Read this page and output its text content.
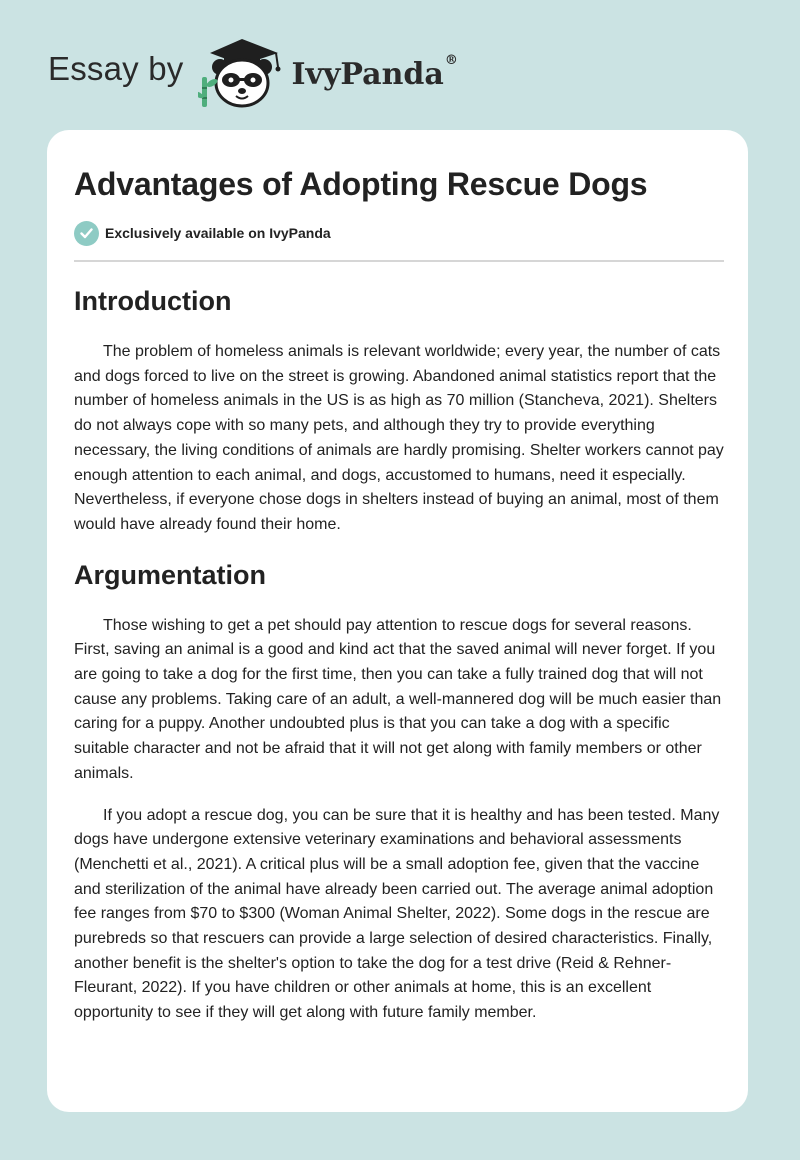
Essay by	IvyPanda®
Advantages of Adopting Rescue Dogs
Exclusively available on IvyPanda
Introduction

The problem of homeless animals is relevant worldwide; every year, the number of cats and dogs forced to live on the street is growing. Abandoned animal statistics report that the number of homeless animals in the US is as high as 70 million (Stancheva, 2021). Shelters do not always cope with so many pets, and although they try to provide everything necessary, the living conditions of animals are hardly promising. Shelter workers cannot pay enough attention to each animal, and dogs, accustomed to humans, need it especially. Nevertheless, if everyone chose dogs in shelters instead of buying an animal, most of them would have already found their home.

Argumentation

Those wishing to get a pet should pay attention to rescue dogs for several reasons. First, saving an animal is a good and kind act that the saved animal will never forget. If you are going to take a dog for the first time, then you can take a fully trained dog that will not cause any problems. Taking care of an adult, a well-mannered dog will be much easier than caring for a puppy. Another undoubted plus is that you can take a dog with a specific suitable character and not be afraid that it will not get along with family members or other animals.

If you adopt a rescue dog, you can be sure that it is healthy and has been tested. Many dogs have undergone extensive veterinary examinations and behavioral assessments (Menchetti et al., 2021). A critical plus will be a small adoption fee, given that the vaccine and sterilization of the animal have already been carried out. The average animal adoption fee ranges from $70 to $300 (Woman Animal Shelter, 2022). Some dogs in the rescue are purebreds so that rescuers can provide a large selection of desired characteristics. Finally, another benefit is the shelter's option to take the dog for a test drive (Reid & Rehner-Fleurant, 2022). If you have children or other animals at home, this is an excellent opportunity to see if they will get along with future family member.
